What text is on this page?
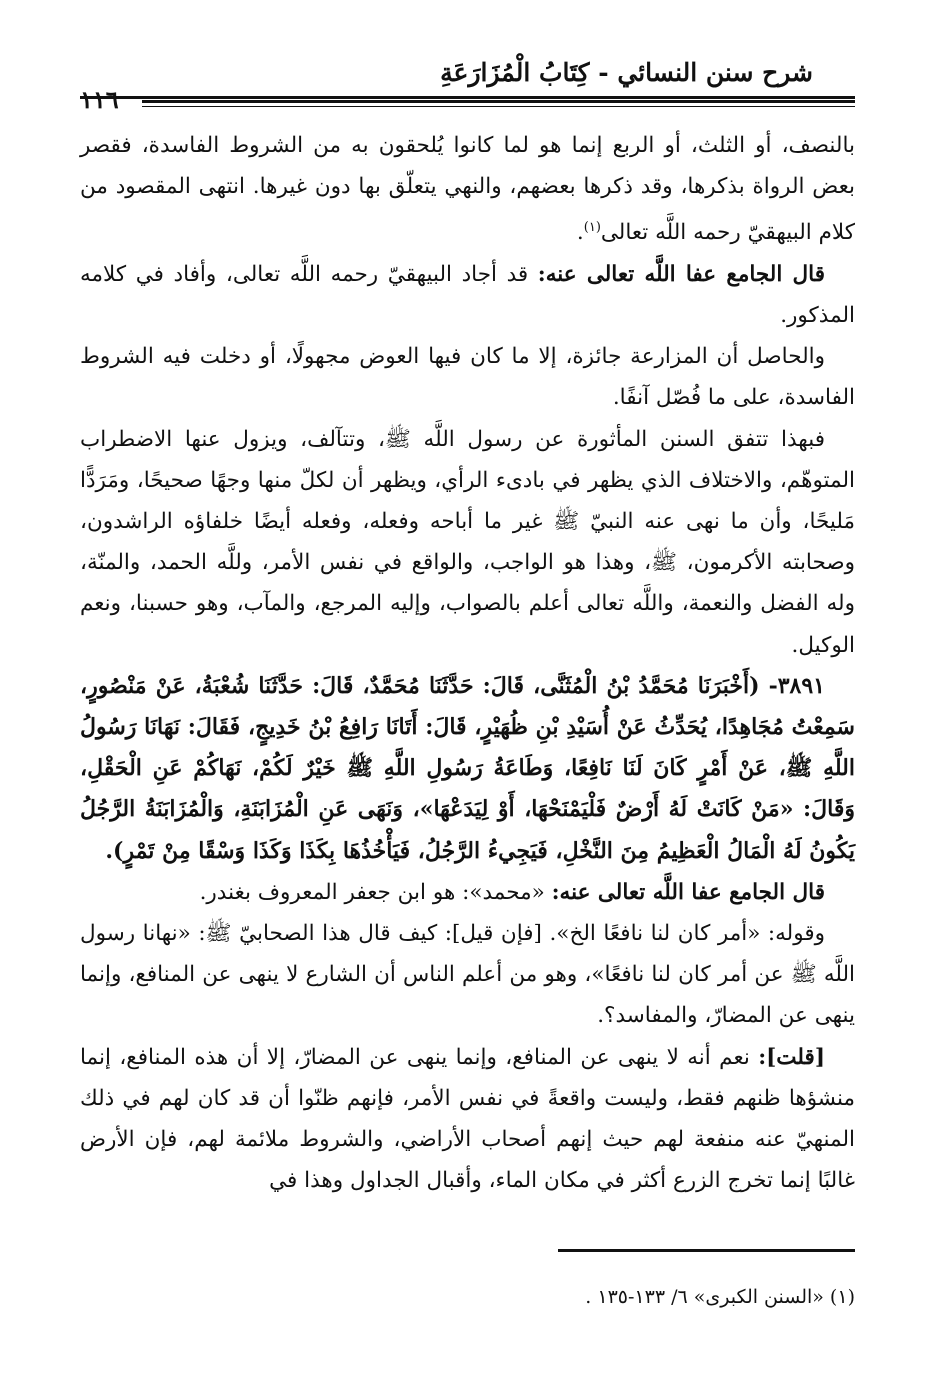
شرح سنن النسائي - كِتَابُ الْمُزَارَعَةِ
١١٦

بالنصف، أو الثلث، أو الربع إنما هو لما كانوا يُلحقون به من الشروط الفاسدة، فقصر بعض الرواة بذكرها، وقد ذكرها بعضهم، والنهي يتعلّق بها دون غيرها. انتهى المقصود من كلام البيهقيّ رحمه اللَّه تعالى$^{(١)}$.

قال الجامع عفا اللَّه تعالى عنه: قد أجاد البيهقيّ رحمه اللَّه تعالى، وأفاد في كلامه المذكور.

والحاصل أن المزارعة جائزة، إلا ما كان فيها العوض مجهولًا، أو دخلت فيه الشروط الفاسدة، على ما فُصّل آنفًا.

فبهذا تتفق السنن المأثورة عن رسول اللَّه ﷺ، وتتآلف، ويزول عنها الاضطراب المتوهّم، والاختلاف الذي يظهر في بادىء الرأي، ويظهر أن لكلّ منها وجهًا صحيحًا، ومَرَدًّا مَليحًا، وأن ما نهى عنه النبيّ ﷺ غير ما أباحه وفعله، وفعله أيضًا خلفاؤه الراشدون، وصحابته الأكرمون، ﷺ، وهذا هو الواجب، والواقع في نفس الأمر، وللَّه الحمد، والمنّة، وله الفضل والنعمة، واللَّه تعالى أعلم بالصواب، وإليه المرجع، والمآب، وهو حسبنا، ونعم الوكيل.

٣٨٩١- (أَخْبَرَنَا مُحَمَّدُ بْنُ الْمُثَنَّى، قَالَ: حَدَّثَنَا مُحَمَّدٌ، قَالَ: حَدَّثَنَا شُعْبَةُ، عَنْ مَنْصُورٍ، سَمِعْتُ مُجَاهِدًا، يُحَدِّثُ عَنْ أُسَيْدِ بْنِ ظُهَيْرٍ، قَالَ: أَتَانَا رَافِعُ بْنُ خَدِيجٍ، فَقَالَ: نَهَانَا رَسُولُ اللَّهِ ﷺ، عَنْ أَمْرٍ كَانَ لَنَا نَافِعًا، وَطَاعَةُ رَسُولِ اللَّهِ ﷺ خَيْرٌ لَكُمْ، نَهَاكُمْ عَنِ الْحَقْلِ، وَقَالَ: «مَنْ كَانَتْ لَهُ أَرْضٌ فَلْيَمْنَحْهَا، أَوْ لِيَدَعْهَا»، وَنَهَى عَنِ الْمُزَابَنَةِ، وَالْمُزَابَنَةُ الرَّجُلُ يَكُونُ لَهُ الْمَالُ الْعَظِيمُ مِنَ النَّخْلِ، فَيَجِيءُ الرَّجُلُ، فَيَأْخُذُهَا بِكَذَا وَكَذَا وَسْقًا مِنْ تَمْرٍ).

قال الجامع عفا اللَّه تعالى عنه: «محمد»: هو ابن جعفر المعروف بغندر.

وقوله: «أمر كان لنا نافعًا الخ». [فإن قيل]: كيف قال هذا الصحابيّ ﷺ: «نهانا رسول اللَّه ﷺ عن أمر كان لنا نافعًا»، وهو من أعلم الناس أن الشارع لا ينهى عن المنافع، وإنما ينهى عن المضارّ، والمفاسد؟.

[قلت]: نعم أنه لا ينهى عن المنافع، وإنما ينهى عن المضارّ، إلا أن هذه المنافع، إنما منشؤها ظنهم فقط، وليست واقعةً في نفس الأمر، فإنهم ظنّوا أن قد كان لهم في ذلك المنهيّ عنه منفعة لهم حيث إنهم أصحاب الأراضي، والشروط ملائمة لهم، فإن الأرض غالبًا إنما تخرج الزرع أكثر في مكان الماء، وأقبال الجداول وهذا في

(١) «السنن الكبرى» ٦/ ١٣٣-١٣٥ .
